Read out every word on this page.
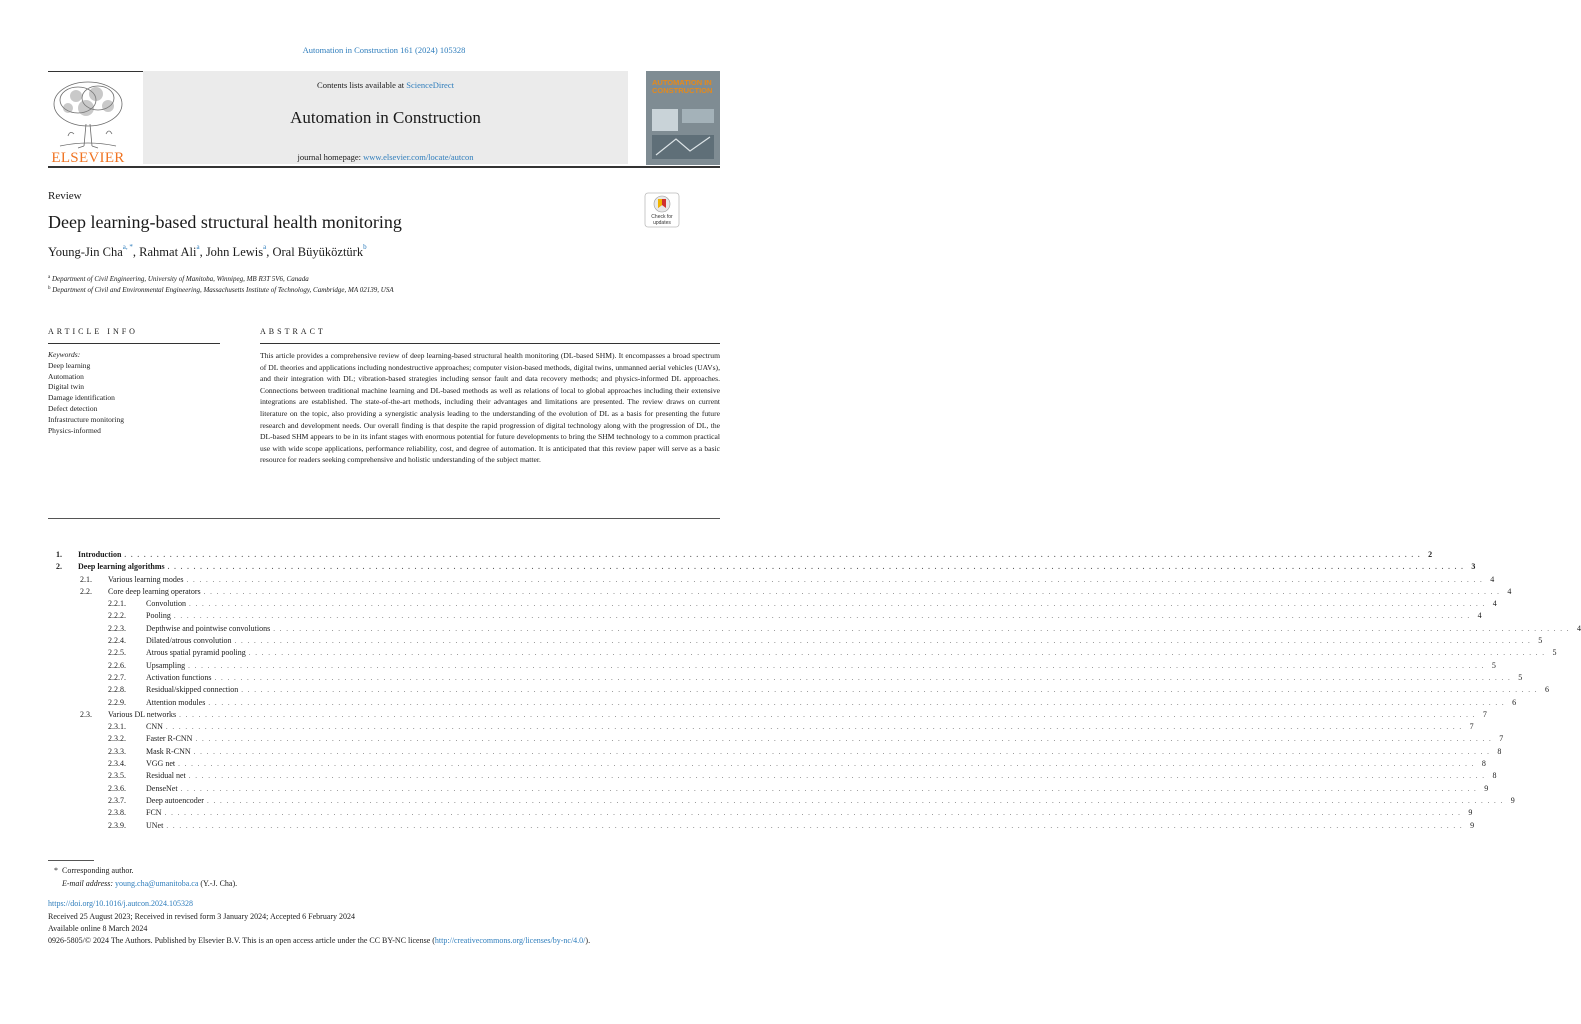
Automation in Construction 161 (2024) 105328
ELSEVIER
Contents lists available at ScienceDirect
Automation in Construction
journal homepage: www.elsevier.com/locate/autcon
AUTOMATION IN CONSTRUCTION
Review
Deep learning-based structural health monitoring	Check for updates
Young-Jin Cha$^{a, *}$, Rahmat Ali$^a$, John Lewis$^a$, Oral Büyüköztürk$^b$
$^a$ Department of Civil Engineering, University of Manitoba, Winnipeg, MB R3T 5V6, Canada
$^b$ Department of Civil and Environmental Engineering, Massachusetts Institute of Technology, Cambridge, MA 02139, USA
ARTICLE INFO	ABSTRACT
Keywords:
Deep learning
Automation
Digital twin
Damage identification
Defect detection
Infrastructure monitoring
Physics-informed
This article provides a comprehensive review of deep learning-based structural health monitoring (DL-based SHM). It encompasses a broad spectrum of DL theories and applications including nondestructive approaches; computer vision-based methods, digital twins, unmanned aerial vehicles (UAVs), and their integration with DL; vibration-based strategies including sensor fault and data recovery methods; and physics-informed DL approaches. Connections between traditional machine learning and DL-based methods as well as relations of local to global approaches including their extensive integrations are established. The state-of-the-art methods, including their advantages and limitations are presented. The review draws on current literature on the topic, also providing a synergistic analysis leading to the understanding of the evolution of DL as a basis for presenting the future research and development needs. Our overall finding is that despite the rapid progression of digital technology along with the progression of DL, the DL-based SHM appears to be in its infant stages with enormous potential for future developments to bring the SHM technology to a common practical use with wide scope applications, performance reliability, cost, and degree of automation. It is anticipated that this review paper will serve as a basic resource for readers seeking comprehensive and holistic understanding of the subject matter.
1.	Introduction . . . . . . . . . . . . . . . . . . . . . . . . . . . . . . . . . . . . . . . . . . . . . . . . . . . . . . . . . . . . . . . . . . . . . . . . . . . . . . . . . . . . . . . . . . . . . . . . . . . . . . . . . . . . . . . . . . . . . . . . . . . . . . . . . . . . . . . . . . . . . . . . . . . . . . . . . . . . . . . . . . . . . . . . . . . . . . . . . . . . . . . . . . . . . . . . . . . . . . . . 2
2.	Deep learning algorithms . . . . . . . . . . . . . . . . . . . . . . . . . . . . . . . . . . . . . . . . . . . . . . . . . . . . . . . . . . . . . . . . . . . . . . . . . . . . . . . . . . . . . . . . . . . . . . . . . . . . . . . . . . . . . . . . . . . . . . . . . . . . . . . . . . . . . . . . . . . . . . . . . . . . . . . . . . . . . . . . . . . . . . . . . . . . . . . . . . . . . . . . . . . . . . . . . . . . . . . . 3
2.1.	Various learning modes . . . . . . . . . . . . . . . . . . . . . . . . . . . . . . . . . . . . . . . . . . . . . . . . . . . . . . . . . . . . . . . . . . . . . . . . . . . . . . . . . . . . . . . . . . . . . . . . . . . . . . . . . . . . . . . . . . . . . . . . . . . . . . . . . . . . . . . . . . . . . . . . . . . . . . . . . . . . . . . . . . . . . . . . . . . . . . . . . . . . . . . . . . . . . . . . . . . . . . . . 4
2.2.	Core deep learning operators . . . . . . . . . . . . . . . . . . . . . . . . . . . . . . . . . . . . . . . . . . . . . . . . . . . . . . . . . . . . . . . . . . . . . . . . . . . . . . . . . . . . . . . . . . . . . . . . . . . . . . . . . . . . . . . . . . . . . . . . . . . . . . . . . . . . . . . . . . . . . . . . . . . . . . . . . . . . . . . . . . . . . . . . . . . . . . . . . . . . . . . . . . . . . . . . . . . . . . . . 4
2.2.1.	Convolution . . . . . . . . . . . . . . . . . . . . . . . . . . . . . . . . . . . . . . . . . . . . . . . . . . . . . . . . . . . . . . . . . . . . . . . . . . . . . . . . . . . . . . . . . . . . . . . . . . . . . . . . . . . . . . . . . . . . . . . . . . . . . . . . . . . . . . . . . . . . . . . . . . . . . . . . . . . . . . . . . . . . . . . . . . . . . . . . . . . . . . . . . . . . . . . . . . . . . . . . 4
2.2.2.	Pooling . . . . . . . . . . . . . . . . . . . . . . . . . . . . . . . . . . . . . . . . . . . . . . . . . . . . . . . . . . . . . . . . . . . . . . . . . . . . . . . . . . . . . . . . . . . . . . . . . . . . . . . . . . . . . . . . . . . . . . . . . . . . . . . . . . . . . . . . . . . . . . . . . . . . . . . . . . . . . . . . . . . . . . . . . . . . . . . . . . . . . . . . . . . . . . . . . . . . . . . . 4
2.2.3.	Depthwise and pointwise convolutions . . . . . . . . . . . . . . . . . . . . . . . . . . . . . . . . . . . . . . . . . . . . . . . . . . . . . . . . . . . . . . . . . . . . . . . . . . . . . . . . . . . . . . . . . . . . . . . . . . . . . . . . . . . . . . . . . . . . . . . . . . . . . . . . . . . . . . . . . . . . . . . . . . . . . . . . . . . . . . . . . . . . . . . . . . . . . . . . . . . . . . . . . . . . . . . . . . . . . . . . 4
2.2.4.	Dilated/atrous convolution . . . . . . . . . . . . . . . . . . . . . . . . . . . . . . . . . . . . . . . . . . . . . . . . . . . . . . . . . . . . . . . . . . . . . . . . . . . . . . . . . . . . . . . . . . . . . . . . . . . . . . . . . . . . . . . . . . . . . . . . . . . . . . . . . . . . . . . . . . . . . . . . . . . . . . . . . . . . . . . . . . . . . . . . . . . . . . . . . . . . . . . . . . . . . . . . . . . . . . . . 5
2.2.5.	Atrous spatial pyramid pooling . . . . . . . . . . . . . . . . . . . . . . . . . . . . . . . . . . . . . . . . . . . . . . . . . . . . . . . . . . . . . . . . . . . . . . . . . . . . . . . . . . . . . . . . . . . . . . . . . . . . . . . . . . . . . . . . . . . . . . . . . . . . . . . . . . . . . . . . . . . . . . . . . . . . . . . . . . . . . . . . . . . . . . . . . . . . . . . . . . . . . . . . . . . . . . . . . . . . . . . . 5
2.2.6.	Upsampling . . . . . . . . . . . . . . . . . . . . . . . . . . . . . . . . . . . . . . . . . . . . . . . . . . . . . . . . . . . . . . . . . . . . . . . . . . . . . . . . . . . . . . . . . . . . . . . . . . . . . . . . . . . . . . . . . . . . . . . . . . . . . . . . . . . . . . . . . . . . . . . . . . . . . . . . . . . . . . . . . . . . . . . . . . . . . . . . . . . . . . . . . . . . . . . . . . . . . . . . 5
2.2.7.	Activation functions . . . . . . . . . . . . . . . . . . . . . . . . . . . . . . . . . . . . . . . . . . . . . . . . . . . . . . . . . . . . . . . . . . . . . . . . . . . . . . . . . . . . . . . . . . . . . . . . . . . . . . . . . . . . . . . . . . . . . . . . . . . . . . . . . . . . . . . . . . . . . . . . . . . . . . . . . . . . . . . . . . . . . . . . . . . . . . . . . . . . . . . . . . . . . . . . . . . . . . . . 5
2.2.8.	Residual/skipped connection . . . . . . . . . . . . . . . . . . . . . . . . . . . . . . . . . . . . . . . . . . . . . . . . . . . . . . . . . . . . . . . . . . . . . . . . . . . . . . . . . . . . . . . . . . . . . . . . . . . . . . . . . . . . . . . . . . . . . . . . . . . . . . . . . . . . . . . . . . . . . . . . . . . . . . . . . . . . . . . . . . . . . . . . . . . . . . . . . . . . . . . . . . . . . . . . . . . . . . . . 6
2.2.9.	Attention modules . . . . . . . . . . . . . . . . . . . . . . . . . . . . . . . . . . . . . . . . . . . . . . . . . . . . . . . . . . . . . . . . . . . . . . . . . . . . . . . . . . . . . . . . . . . . . . . . . . . . . . . . . . . . . . . . . . . . . . . . . . . . . . . . . . . . . . . . . . . . . . . . . . . . . . . . . . . . . . . . . . . . . . . . . . . . . . . . . . . . . . . . . . . . . . . . . . . . . . . . 6
2.3.	Various DL networks . . . . . . . . . . . . . . . . . . . . . . . . . . . . . . . . . . . . . . . . . . . . . . . . . . . . . . . . . . . . . . . . . . . . . . . . . . . . . . . . . . . . . . . . . . . . . . . . . . . . . . . . . . . . . . . . . . . . . . . . . . . . . . . . . . . . . . . . . . . . . . . . . . . . . . . . . . . . . . . . . . . . . . . . . . . . . . . . . . . . . . . . . . . . . . . . . . . . . . . . 7
2.3.1.	CNN . . . . . . . . . . . . . . . . . . . . . . . . . . . . . . . . . . . . . . . . . . . . . . . . . . . . . . . . . . . . . . . . . . . . . . . . . . . . . . . . . . . . . . . . . . . . . . . . . . . . . . . . . . . . . . . . . . . . . . . . . . . . . . . . . . . . . . . . . . . . . . . . . . . . . . . . . . . . . . . . . . . . . . . . . . . . . . . . . . . . . . . . . . . . . . . . . . . . . . . . 7
2.3.2.	Faster R-CNN . . . . . . . . . . . . . . . . . . . . . . . . . . . . . . . . . . . . . . . . . . . . . . . . . . . . . . . . . . . . . . . . . . . . . . . . . . . . . . . . . . . . . . . . . . . . . . . . . . . . . . . . . . . . . . . . . . . . . . . . . . . . . . . . . . . . . . . . . . . . . . . . . . . . . . . . . . . . . . . . . . . . . . . . . . . . . . . . . . . . . . . . . . . . . . . . . . . . . . . . 7
2.3.3.	Mask R-CNN . . . . . . . . . . . . . . . . . . . . . . . . . . . . . . . . . . . . . . . . . . . . . . . . . . . . . . . . . . . . . . . . . . . . . . . . . . . . . . . . . . . . . . . . . . . . . . . . . . . . . . . . . . . . . . . . . . . . . . . . . . . . . . . . . . . . . . . . . . . . . . . . . . . . . . . . . . . . . . . . . . . . . . . . . . . . . . . . . . . . . . . . . . . . . . . . . . . . . . . . 8
2.3.4.	VGG net . . . . . . . . . . . . . . . . . . . . . . . . . . . . . . . . . . . . . . . . . . . . . . . . . . . . . . . . . . . . . . . . . . . . . . . . . . . . . . . . . . . . . . . . . . . . . . . . . . . . . . . . . . . . . . . . . . . . . . . . . . . . . . . . . . . . . . . . . . . . . . . . . . . . . . . . . . . . . . . . . . . . . . . . . . . . . . . . . . . . . . . . . . . . . . . . . . . . . . . . 8
2.3.5.	Residual net . . . . . . . . . . . . . . . . . . . . . . . . . . . . . . . . . . . . . . . . . . . . . . . . . . . . . . . . . . . . . . . . . . . . . . . . . . . . . . . . . . . . . . . . . . . . . . . . . . . . . . . . . . . . . . . . . . . . . . . . . . . . . . . . . . . . . . . . . . . . . . . . . . . . . . . . . . . . . . . . . . . . . . . . . . . . . . . . . . . . . . . . . . . . . . . . . . . . . . . . 8
2.3.6.	DenseNet . . . . . . . . . . . . . . . . . . . . . . . . . . . . . . . . . . . . . . . . . . . . . . . . . . . . . . . . . . . . . . . . . . . . . . . . . . . . . . . . . . . . . . . . . . . . . . . . . . . . . . . . . . . . . . . . . . . . . . . . . . . . . . . . . . . . . . . . . . . . . . . . . . . . . . . . . . . . . . . . . . . . . . . . . . . . . . . . . . . . . . . . . . . . . . . . . . . . . . . . 9
2.3.7.	Deep autoencoder . . . . . . . . . . . . . . . . . . . . . . . . . . . . . . . . . . . . . . . . . . . . . . . . . . . . . . . . . . . . . . . . . . . . . . . . . . . . . . . . . . . . . . . . . . . . . . . . . . . . . . . . . . . . . . . . . . . . . . . . . . . . . . . . . . . . . . . . . . . . . . . . . . . . . . . . . . . . . . . . . . . . . . . . . . . . . . . . . . . . . . . . . . . . . . . . . . . . . . . . 9
2.3.8.	FCN . . . . . . . . . . . . . . . . . . . . . . . . . . . . . . . . . . . . . . . . . . . . . . . . . . . . . . . . . . . . . . . . . . . . . . . . . . . . . . . . . . . . . . . . . . . . . . . . . . . . . . . . . . . . . . . . . . . . . . . . . . . . . . . . . . . . . . . . . . . . . . . . . . . . . . . . . . . . . . . . . . . . . . . . . . . . . . . . . . . . . . . . . . . . . . . . . . . . . . . . 9
2.3.9.	UNet . . . . . . . . . . . . . . . . . . . . . . . . . . . . . . . . . . . . . . . . . . . . . . . . . . . . . . . . . . . . . . . . . . . . . . . . . . . . . . . . . . . . . . . . . . . . . . . . . . . . . . . . . . . . . . . . . . . . . . . . . . . . . . . . . . . . . . . . . . . . . . . . . . . . . . . . . . . . . . . . . . . . . . . . . . . . . . . . . . . . . . . . . . . . . . . . . . . . . . . . 9
* Corresponding author.
E-mail address: young.cha@umanitoba.ca (Y.-J. Cha).
https://doi.org/10.1016/j.autcon.2024.105328
Received 25 August 2023; Received in revised form 3 January 2024; Accepted 6 February 2024
Available online 8 March 2024
0926-5805/© 2024 The Authors. Published by Elsevier B.V. This is an open access article under the CC BY-NC license (http://creativecommons.org/licenses/by-nc/4.0/).
